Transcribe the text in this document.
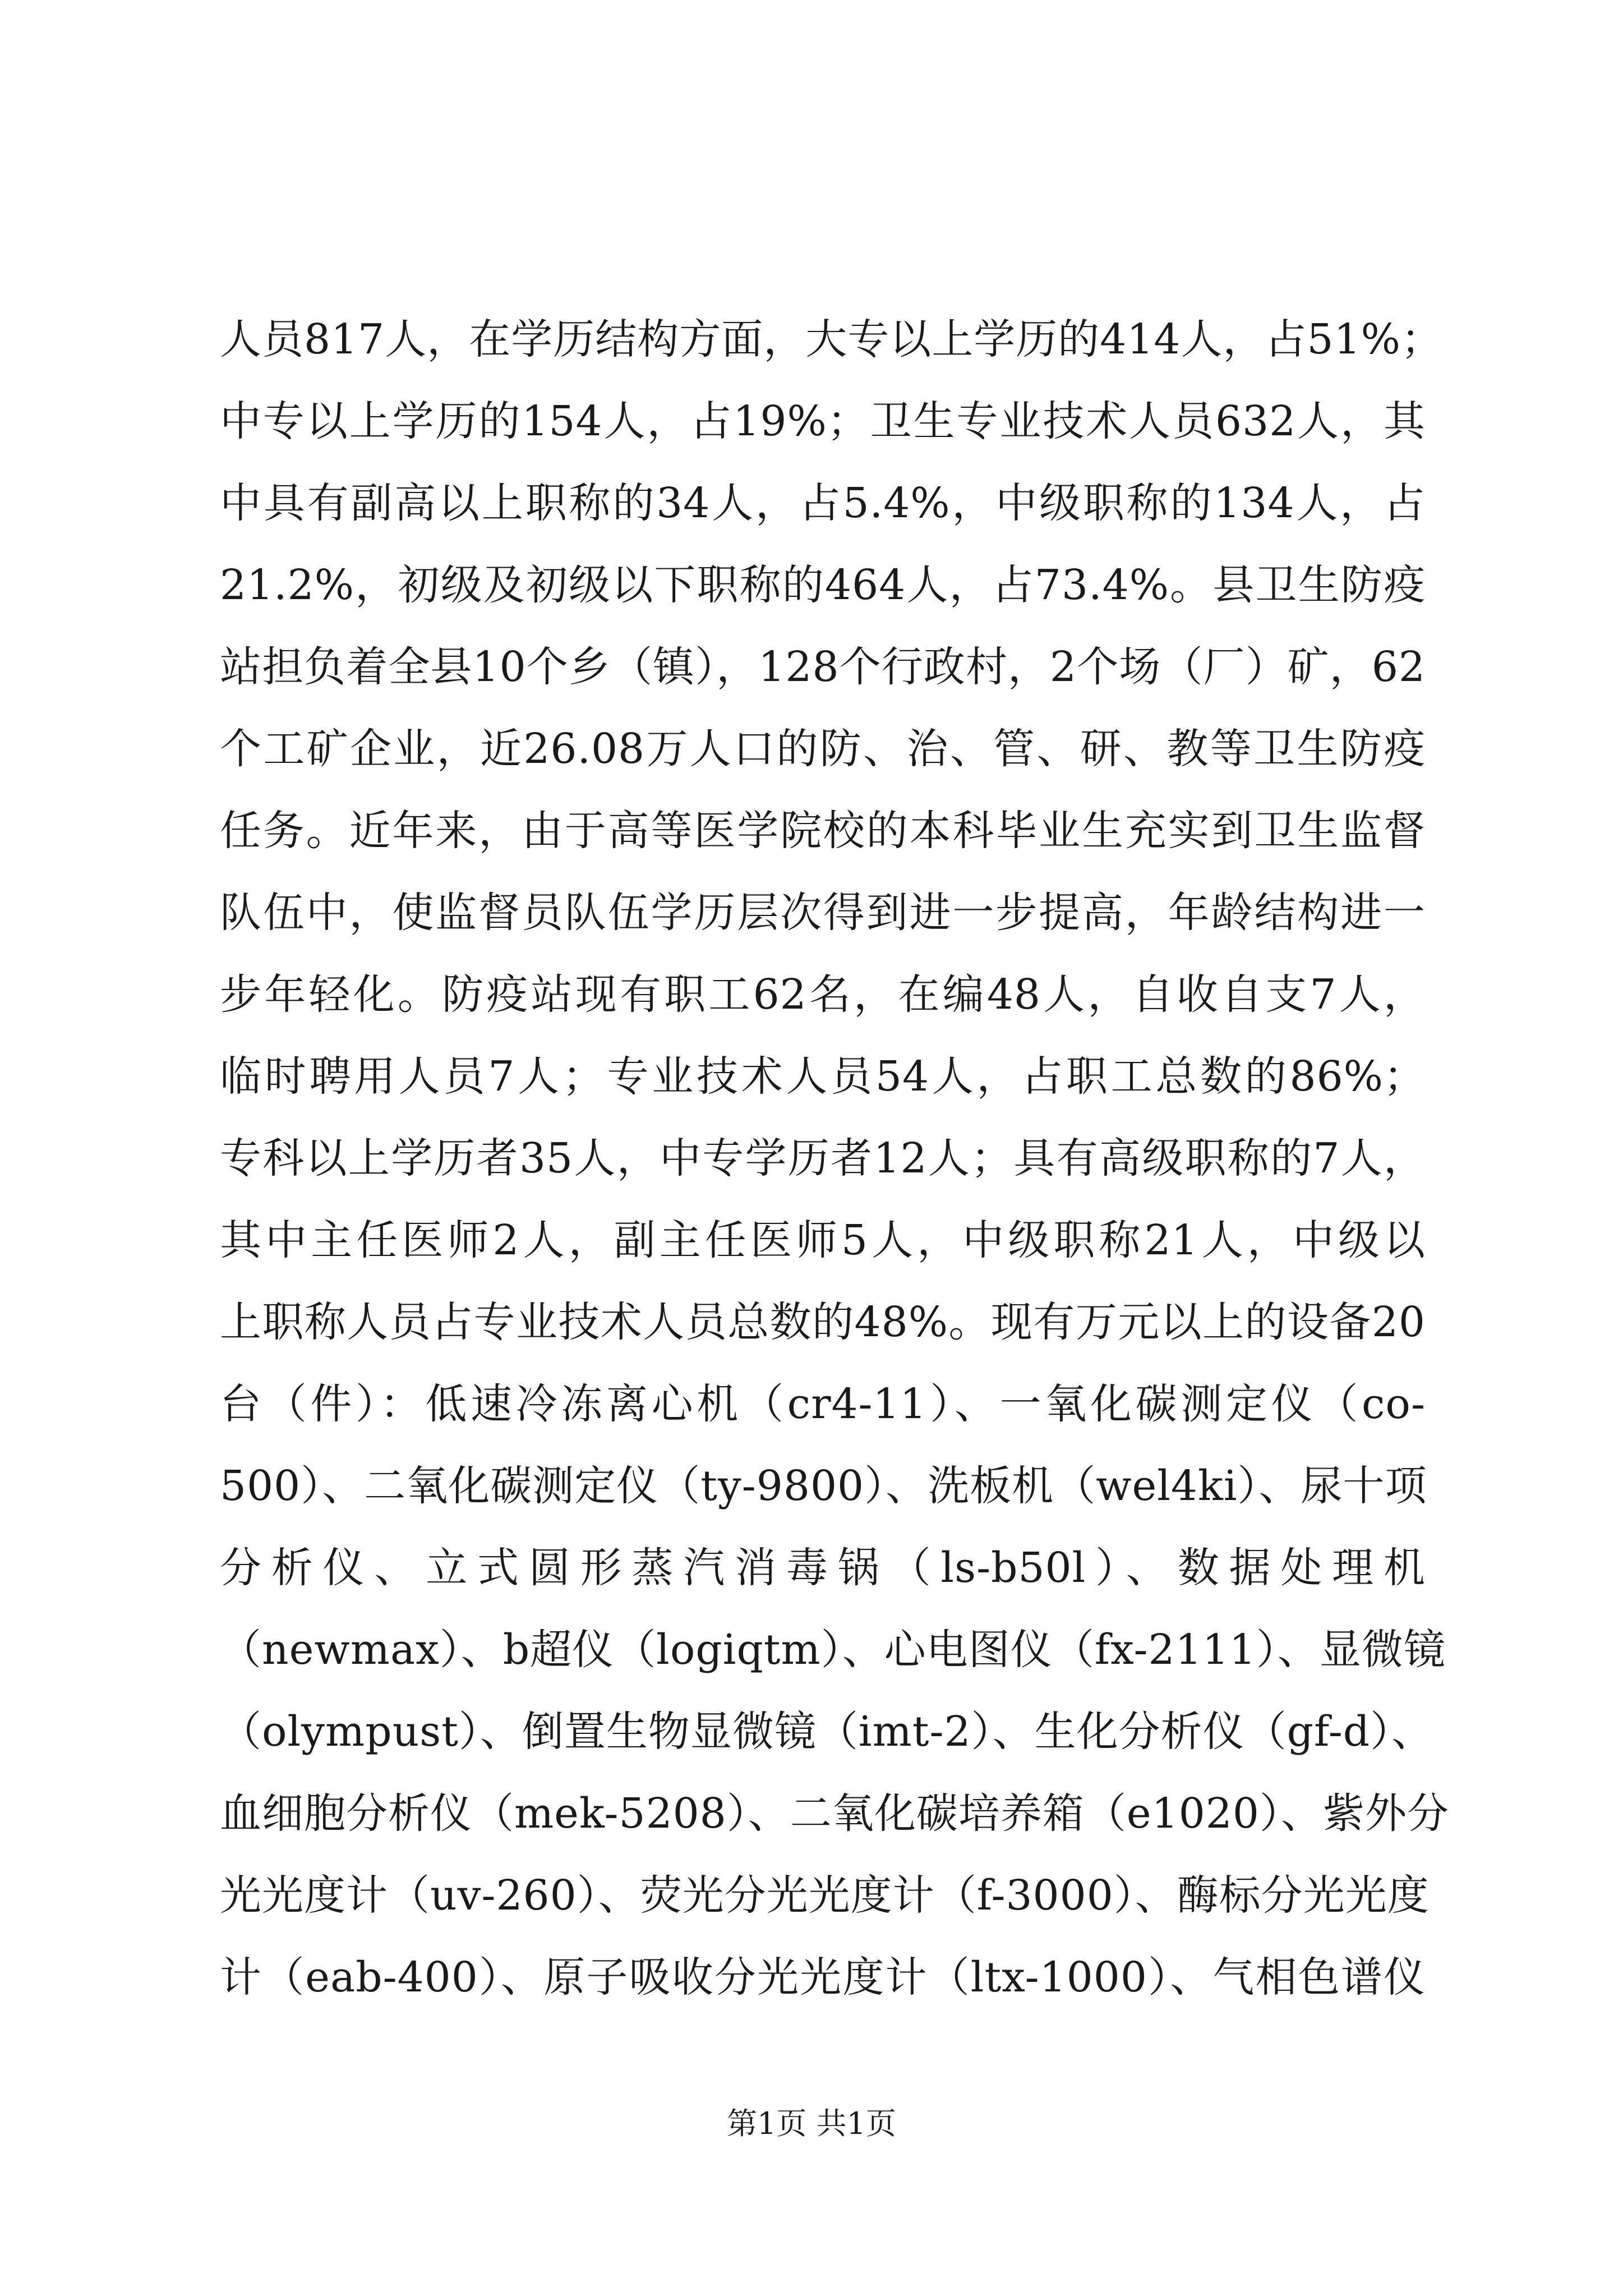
人员817人，在学历结构方面，大专以上学历的414人，占51%；
中专以上学历的154人，占19%；卫生专业技术人员632人，其
中具有副高以上职称的34人，占5.4%，中级职称的134人，占
21.2%，初级及初级以下职称的464人，占73.4%。县卫生防疫
站担负着全县10个乡（镇），128个行政村，2个场（厂）矿，62
个工矿企业，近26.08万人口的防、治、管、研、教等卫生防疫
任务。近年来，由于高等医学院校的本科毕业生充实到卫生监督
队伍中，使监督员队伍学历层次得到进一步提高，年龄结构进一
步年轻化。防疫站现有职工62名，在编48人，自收自支7人，
临时聘用人员7人；专业技术人员54人，占职工总数的86%；
专科以上学历者35人，中专学历者12人；具有高级职称的7人，
其中主任医师2人，副主任医师5人，中级职称21人，中级以
上职称人员占专业技术人员总数的48%。现有万元以上的设备20
台（件）：低速冷冻离心机（cr4-11）、一氧化碳测定仪（co-
500）、二氧化碳测定仪（ty-9800）、洗板机（wel4ki）、尿十项
分析仪、立式圆形蒸汽消毒锅（ls-b50l）、数据处理机
（newmax）、b超仪（logiqtm）、心电图仪（fx-2111）、显微镜
（olympust）、倒置生物显微镜（imt-2）、生化分析仪（gf-d）、
血细胞分析仪（mek-5208）、二氧化碳培养箱（e1020）、紫外分
光光度计（uv-260）、荧光分光光度计（f-3000）、酶标分光光度
计（eab-400）、原子吸收分光光度计（ltx-1000）、气相色谱仪
第1页 共1页
